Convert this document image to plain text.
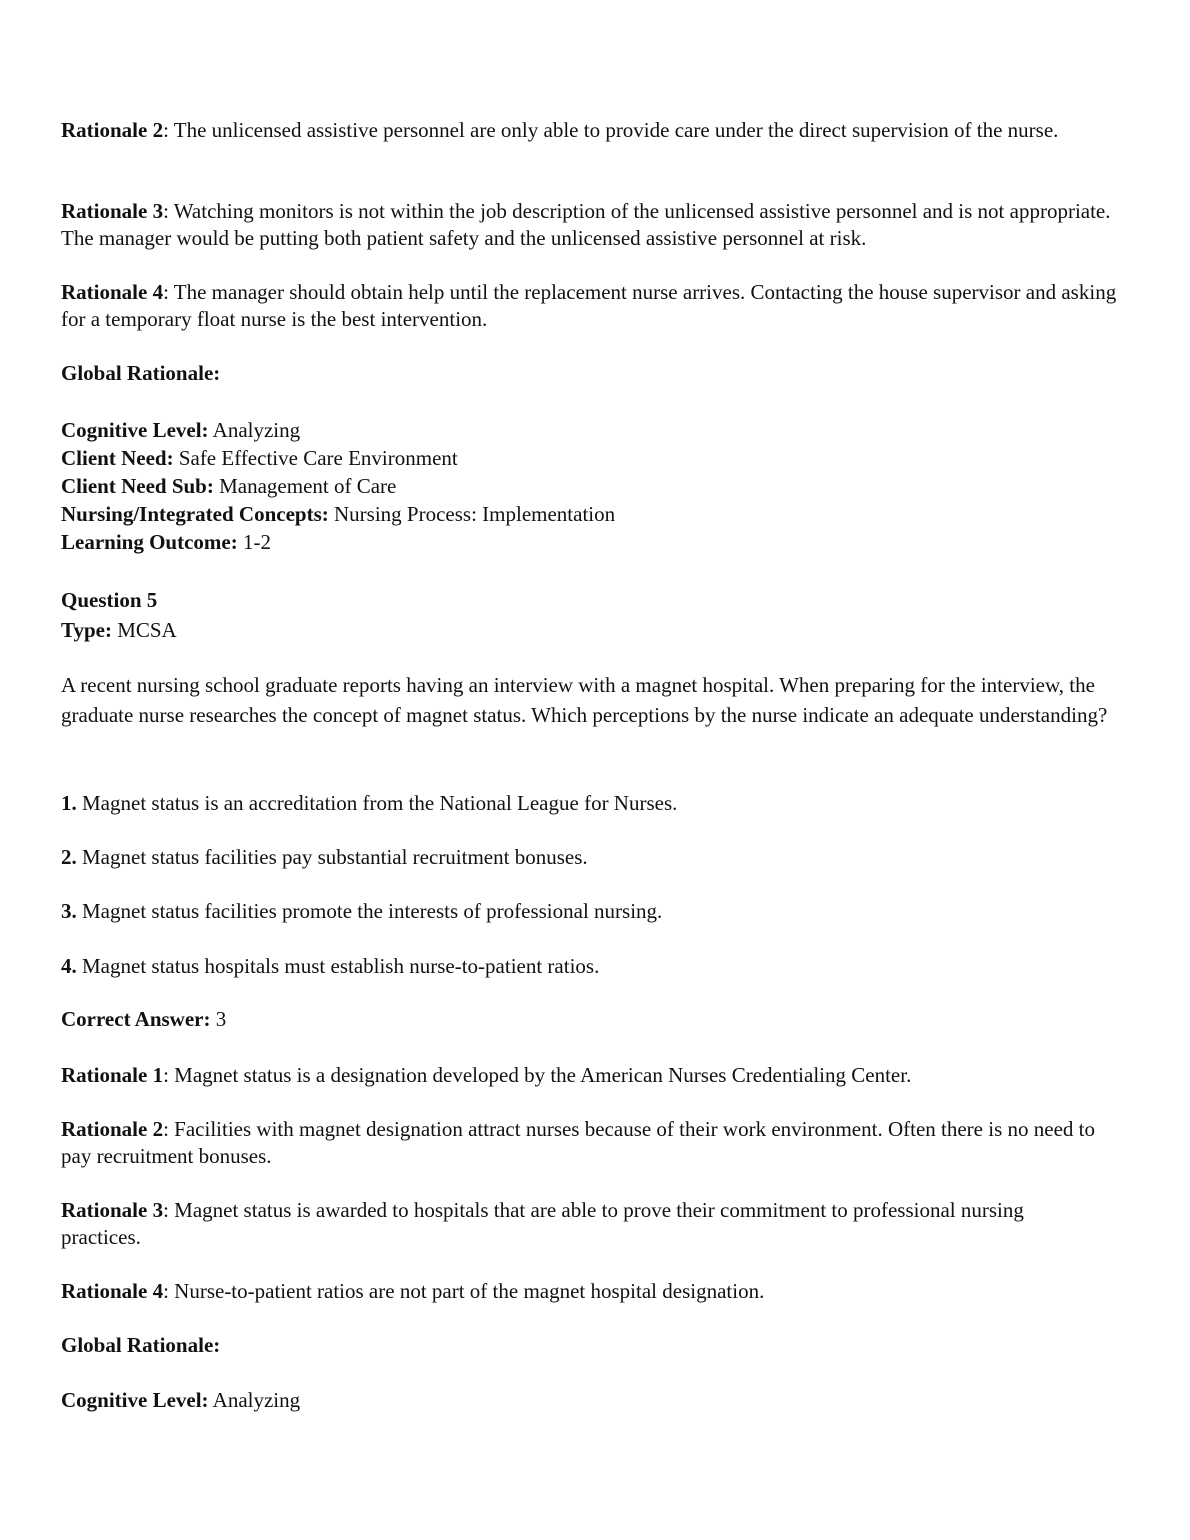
Rationale 2: The unlicensed assistive personnel are only able to provide care under the direct supervision of the nurse.
Rationale 3: Watching monitors is not within the job description of the unlicensed assistive personnel and is not appropriate. The manager would be putting both patient safety and the unlicensed assistive personnel at risk.
Rationale 4: The manager should obtain help until the replacement nurse arrives. Contacting the house supervisor and asking for a temporary float nurse is the best intervention.
Global Rationale:
Cognitive Level: Analyzing
Client Need: Safe Effective Care Environment
Client Need Sub: Management of Care
Nursing/Integrated Concepts: Nursing Process: Implementation
Learning Outcome: 1-2
Question 5
Type: MCSA
A recent nursing school graduate reports having an interview with a magnet hospital. When preparing for the interview, the graduate nurse researches the concept of magnet status. Which perceptions by the nurse indicate an adequate understanding?
1. Magnet status is an accreditation from the National League for Nurses.
2. Magnet status facilities pay substantial recruitment bonuses.
3. Magnet status facilities promote the interests of professional nursing.
4. Magnet status hospitals must establish nurse-to-patient ratios.
Correct Answer: 3
Rationale 1: Magnet status is a designation developed by the American Nurses Credentialing Center.
Rationale 2: Facilities with magnet designation attract nurses because of their work environment. Often there is no need to pay recruitment bonuses.
Rationale 3: Magnet status is awarded to hospitals that are able to prove their commitment to professional nursing practices.
Rationale 4: Nurse-to-patient ratios are not part of the magnet hospital designation.
Global Rationale:
Cognitive Level: Analyzing
